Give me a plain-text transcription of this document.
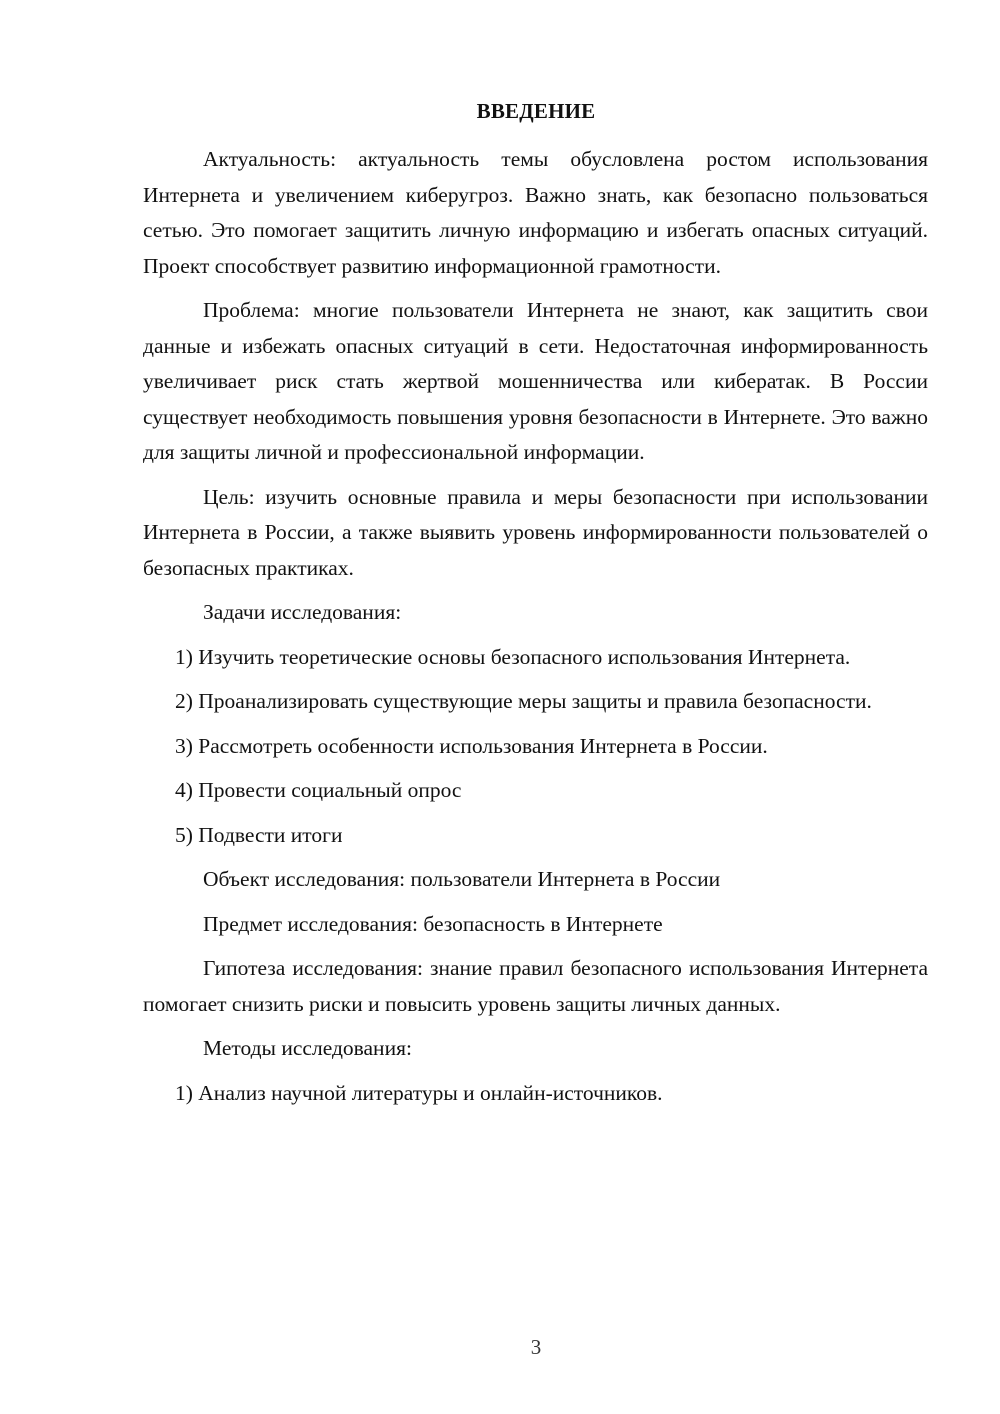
ВВЕДЕНИЕ

Актуальность: актуальность темы обусловлена ростом использования Интернета и увеличением киберугроз. Важно знать, как безопасно пользоваться сетью. Это помогает защитить личную информацию и избегать опасных ситуаций. Проект способствует развитию информационной грамотности.

Проблема: многие пользователи Интернета не знают, как защитить свои данные и избежать опасных ситуаций в сети. Недостаточная информированность увеличивает риск стать жертвой мошенничества или кибератак. В России существует необходимость повышения уровня безопасности в Интернете. Это важно для защиты личной и профессиональной информации.

Цель: изучить основные правила и меры безопасности при использовании Интернета в России, а также выявить уровень информированности пользователей о безопасных практиках.

Задачи исследования:

1) Изучить теоретические основы безопасного использования Интернета.

2) Проанализировать существующие меры защиты и правила безопасности.

3) Рассмотреть особенности использования Интернета в России.

4) Провести социальный опрос

5) Подвести итоги

Объект исследования: пользователи Интернета в России

Предмет исследования: безопасность в Интернете

Гипотеза исследования: знание правил безопасного использования Интернета помогает снизить риски и повысить уровень защиты личных данных.

Методы исследования:

1) Анализ научной литературы и онлайн-источников.

3
